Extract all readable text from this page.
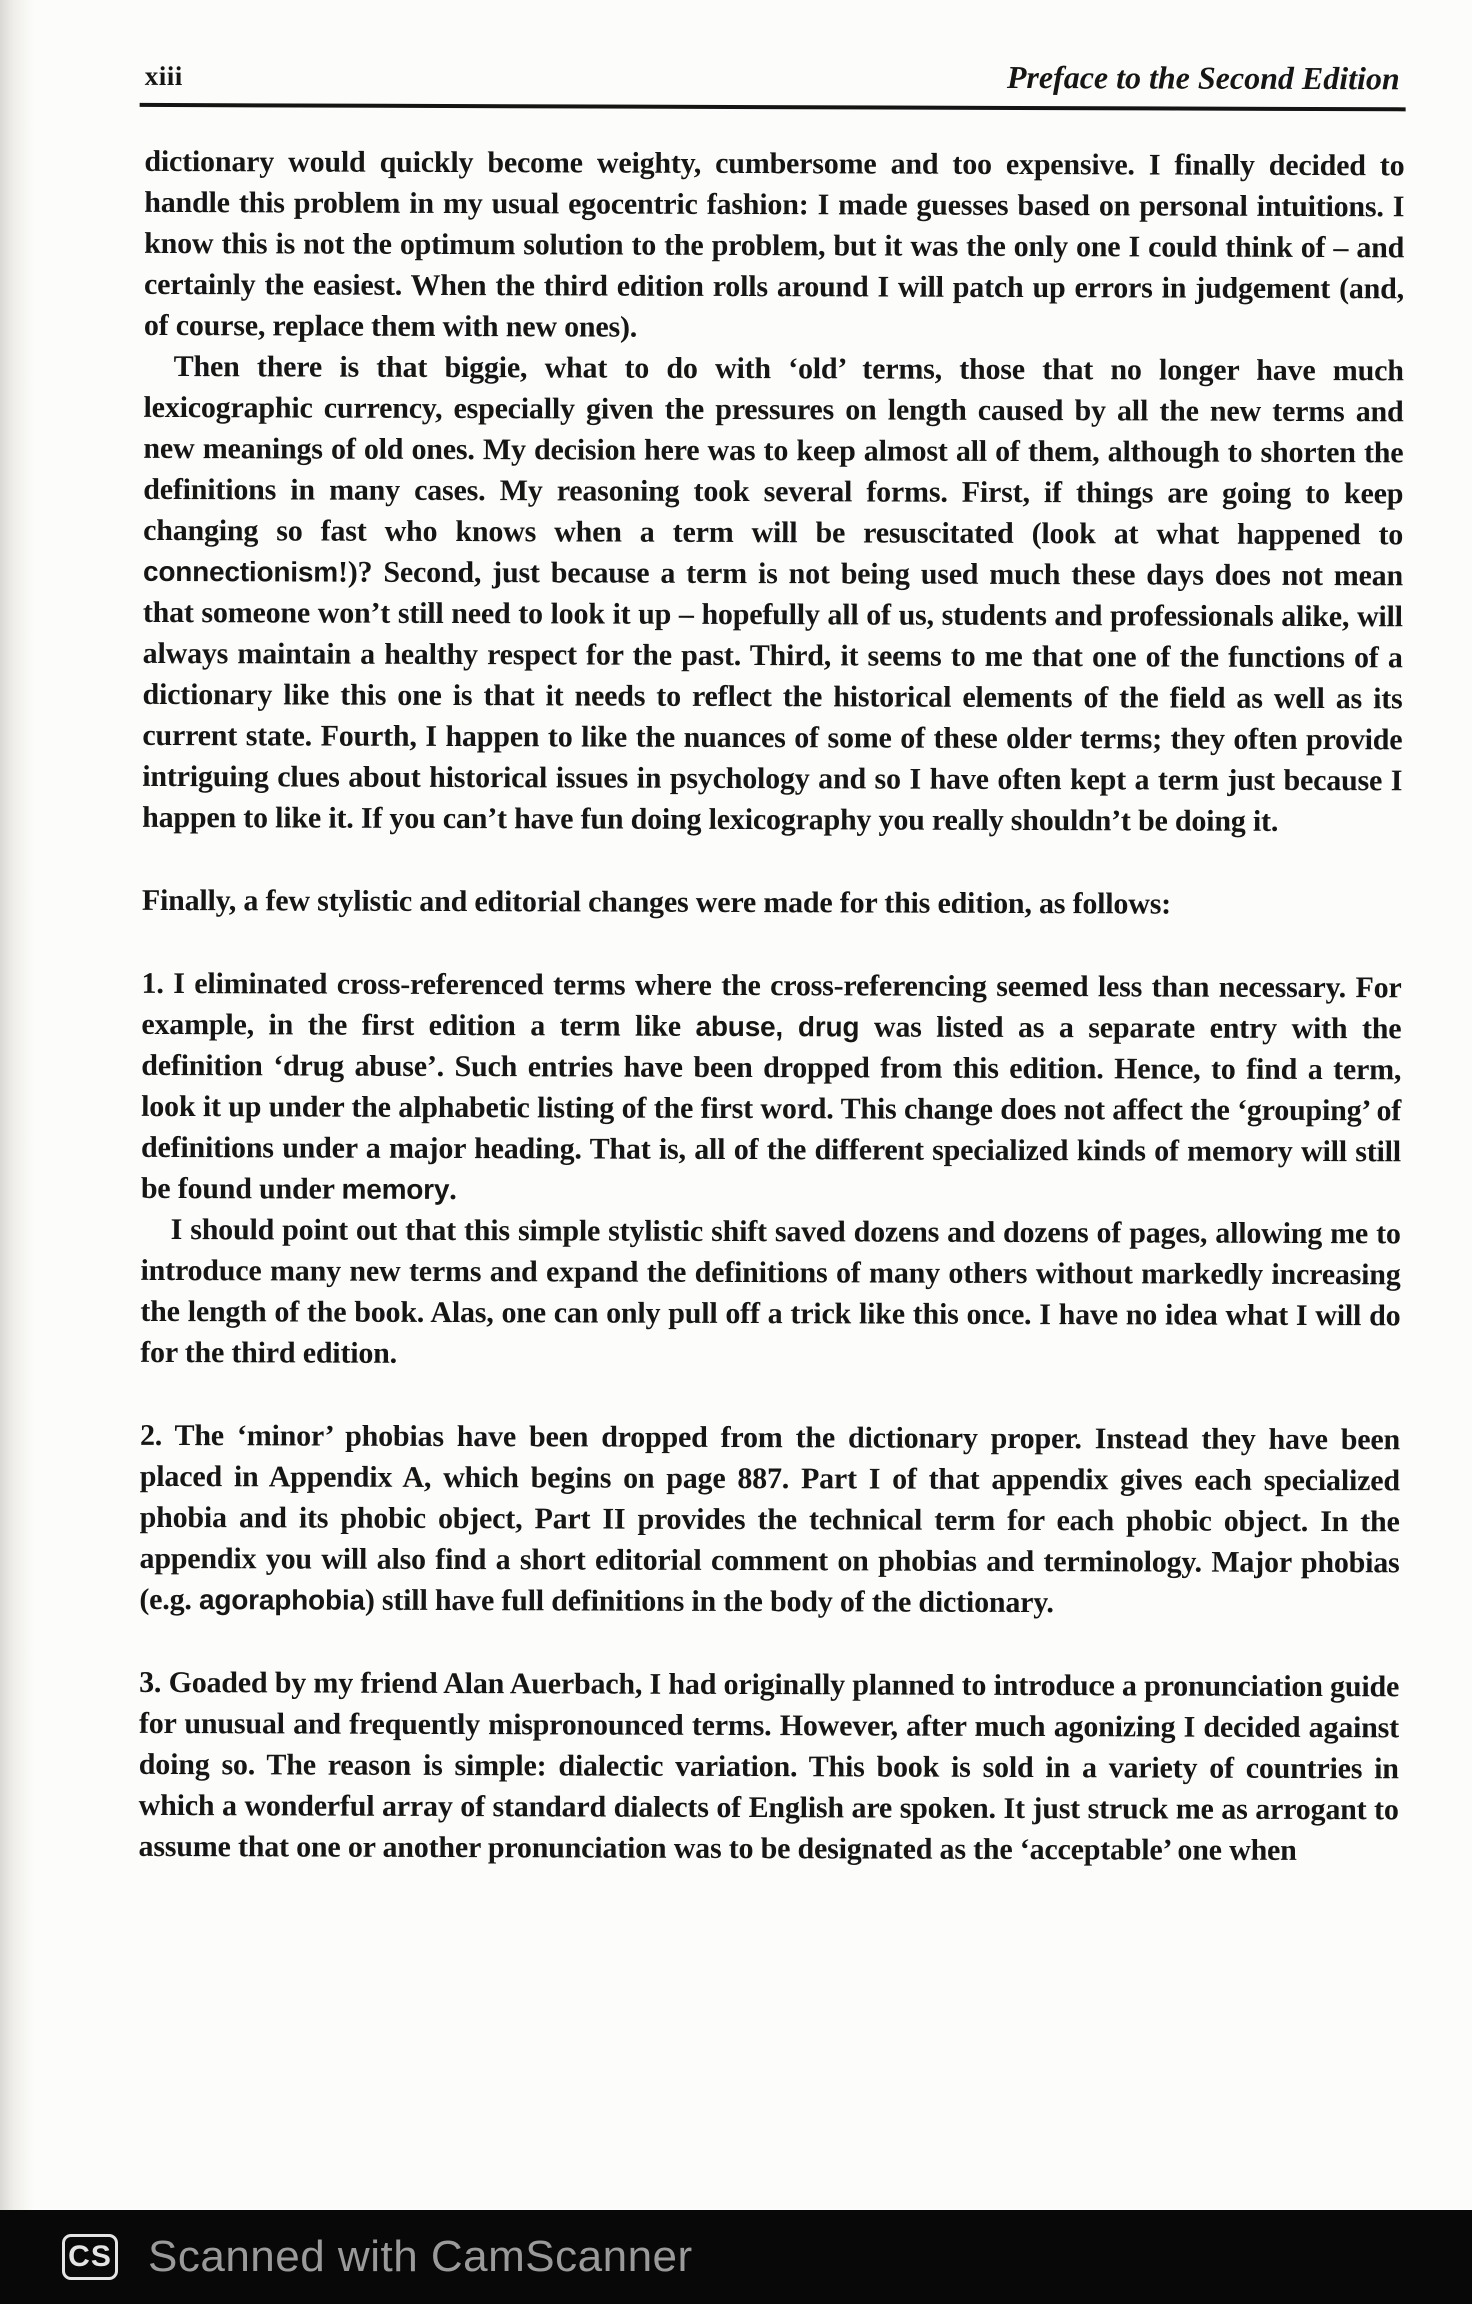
xiii	Preface to the Second Edition

dictionary would quickly become weighty, cumbersome and too expensive. I finally decided to handle this problem in my usual egocentric fashion: I made guesses based on personal intuitions. I know this is not the optimum solution to the problem, but it was the only one I could think of – and certainly the easiest. When the third edition rolls around I will patch up errors in judgement (and, of course, replace them with new ones).

Then there is that biggie, what to do with ‘old’ terms, those that no longer have much lexicographic currency, especially given the pressures on length caused by all the new terms and new meanings of old ones. My decision here was to keep almost all of them, although to shorten the definitions in many cases. My reasoning took several forms. First, if things are going to keep changing so fast who knows when a term will be resuscitated (look at what happened to connectionism!)? Second, just because a term is not being used much these days does not mean that someone won’t still need to look it up – hopefully all of us, students and professionals alike, will always maintain a healthy respect for the past. Third, it seems to me that one of the functions of a dictionary like this one is that it needs to reflect the historical elements of the field as well as its current state. Fourth, I happen to like the nuances of some of these older terms; they often provide intriguing clues about historical issues in psychology and so I have often kept a term just because I happen to like it. If you can’t have fun doing lexicography you really shouldn’t be doing it.

Finally, a few stylistic and editorial changes were made for this edition, as follows:

1. I eliminated cross-referenced terms where the cross-referencing seemed less than necessary. For example, in the first edition a term like abuse, drug was listed as a separate entry with the definition ‘drug abuse’. Such entries have been dropped from this edition. Hence, to find a term, look it up under the alphabetic listing of the first word. This change does not affect the ‘grouping’ of definitions under a major heading. That is, all of the different specialized kinds of memory will still be found under memory.

I should point out that this simple stylistic shift saved dozens and dozens of pages, allowing me to introduce many new terms and expand the definitions of many others without markedly increasing the length of the book. Alas, one can only pull off a trick like this once. I have no idea what I will do for the third edition.

2. The ‘minor’ phobias have been dropped from the dictionary proper. Instead they have been placed in Appendix A, which begins on page 887. Part I of that appendix gives each specialized phobia and its phobic object, Part II provides the technical term for each phobic object. In the appendix you will also find a short editorial comment on phobias and terminology. Major phobias (e.g. agoraphobia) still have full definitions in the body of the dictionary.

3. Goaded by my friend Alan Auerbach, I had originally planned to introduce a pronunciation guide for unusual and frequently mispronounced terms. However, after much agonizing I decided against doing so. The reason is simple: dialectic variation. This book is sold in a variety of countries in which a wonderful array of standard dialects of English are spoken. It just struck me as arrogant to assume that one or another pronunciation was to be designated as the ‘acceptable’ one when

CS Scanned with CamScanner
